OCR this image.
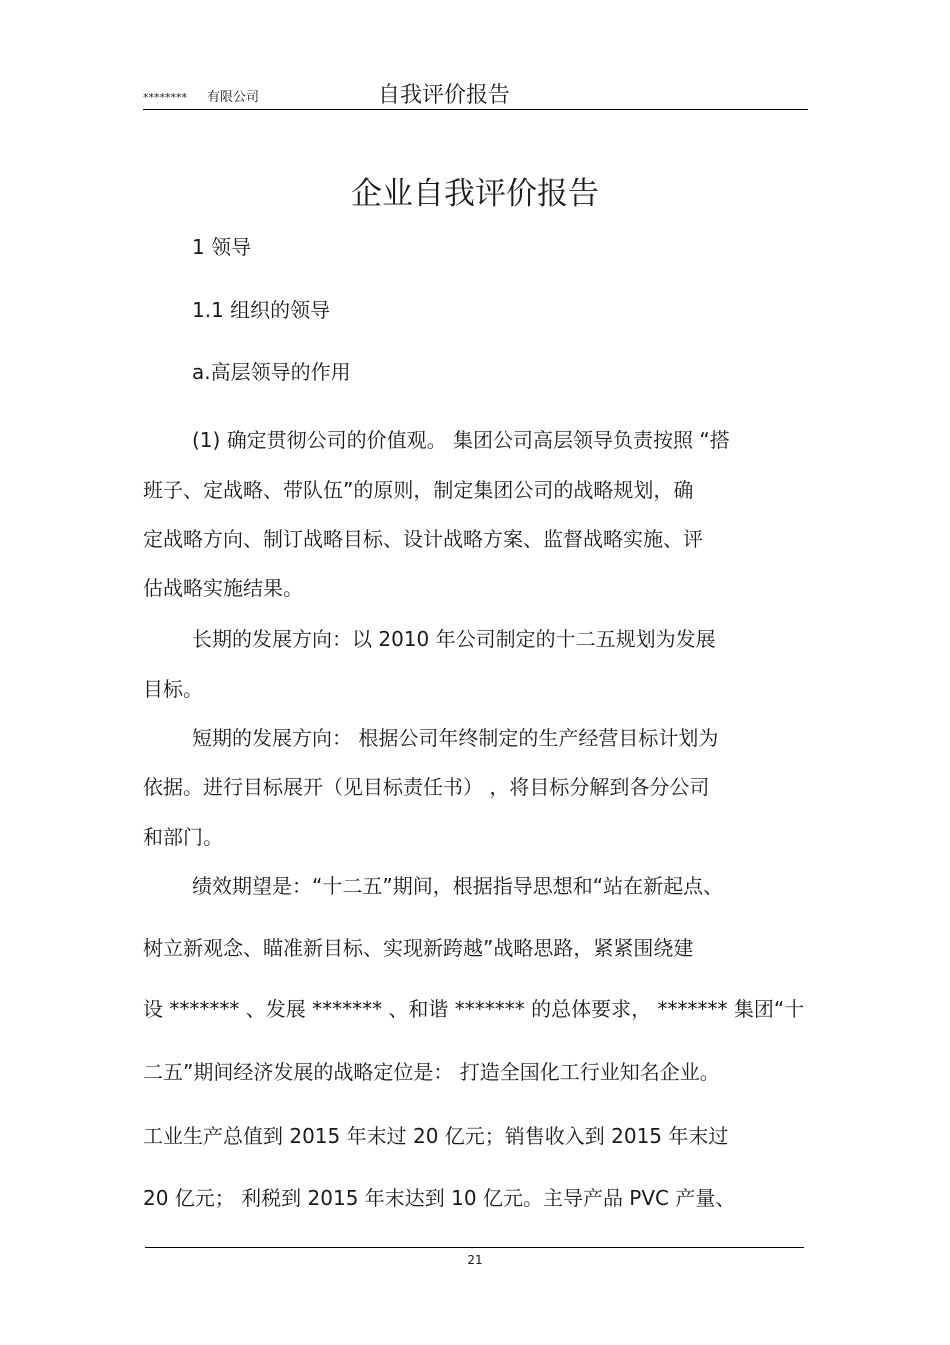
******** 有限公司	自我评价报告
企业自我评价报告
1 领导
1.1 组织的领导
a.高层领导的作用
(1) 确定贯彻公司的价值观。 集团公司高层领导负责按照 “搭
班子、定战略、带队伍”的原则，制定集团公司的战略规划，确
定战略方向、制订战略目标、设计战略方案、监督战略实施、评
估战略实施结果。
长期的发展方向：以 2010 年公司制定的十二五规划为发展
目标。
短期的发展方向： 根据公司年终制定的生产经营目标计划为
依据。进行目标展开（见目标责任书） ，将目标分解到各分公司
和部门。
绩效期望是：“十二五”期间，根据指导思想和“站在新起点、
树立新观念、瞄准新目标、实现新跨越”战略思路，紧紧围绕建
设 ******* 、发展 ******* 、和谐 ******* 的总体要求， ******* 集团“十
二五”期间经济发展的战略定位是： 打造全国化工行业知名企业。
工业生产总值到 2015 年末过 20 亿元；销售收入到 2015 年末过
20 亿元； 利税到 2015 年末达到 10 亿元。主导产品 PVC 产量、
21
